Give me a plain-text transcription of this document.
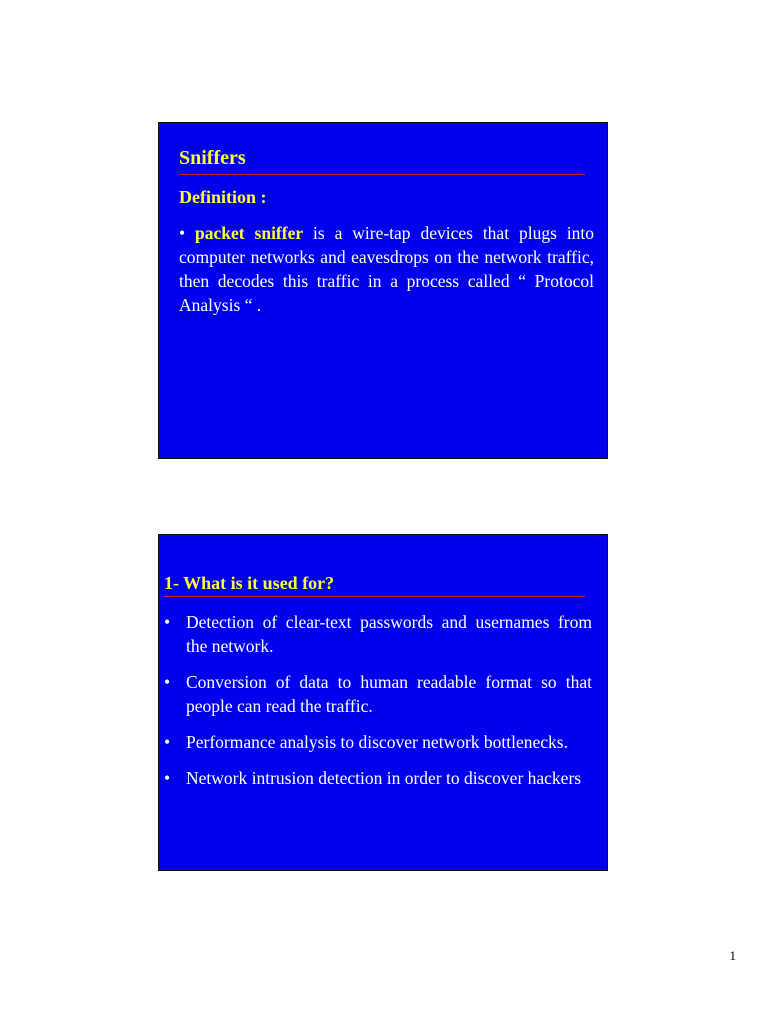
Sniffers
Definition :

• packet sniffer is a wire-tap devices that plugs into computer networks and eavesdrops on the network traffic, then decodes this traffic in a process called “ Protocol Analysis “ .

1- What is it used for?
• Detection of clear-text passwords and usernames from the network.
• Conversion of data to human readable format so that people can read the traffic.
• Performance analysis to discover network bottlenecks.
• Network intrusion detection in order to discover hackers
1
